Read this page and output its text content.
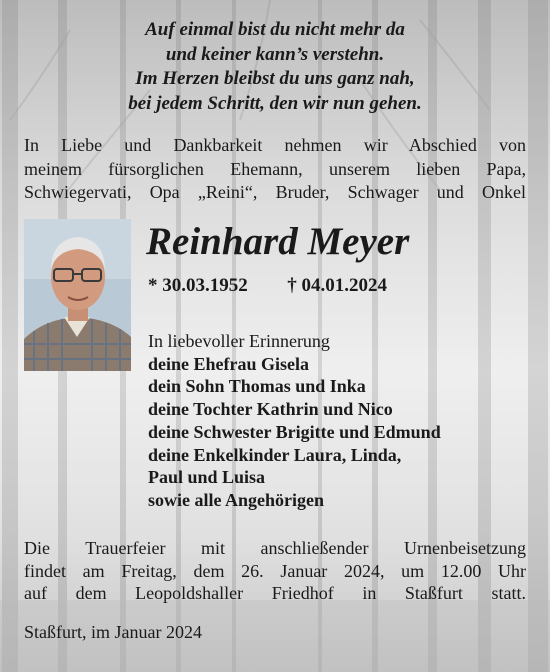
Auf einmal bist du nicht mehr da
und keiner kann’s verstehn.
Im Herzen bleibst du uns ganz nah,
bei jedem Schritt, den wir nun gehen.
In Liebe und Dankbarkeit nehmen wir Abschied von
meinem fürsorglichen Ehemann, unserem lieben Papa,
Schwiegervati, Opa „Reini“, Bruder, Schwager und Onkel
Reinhard Meyer
* 30.03.1952 † 04.01.2024
In liebevoller Erinnerung
deine Ehefrau Gisela
dein Sohn Thomas und Inka
deine Tochter Kathrin und Nico
deine Schwester Brigitte und Edmund
deine Enkelkinder Laura, Linda,
Paul und Luisa
sowie alle Angehörigen
Die Trauerfeier mit anschließender Urnenbeisetzung
findet am Freitag, dem 26. Januar 2024, um 12.00 Uhr
auf dem Leopoldshaller Friedhof in Staßfurt statt.
Staßfurt, im Januar 2024
